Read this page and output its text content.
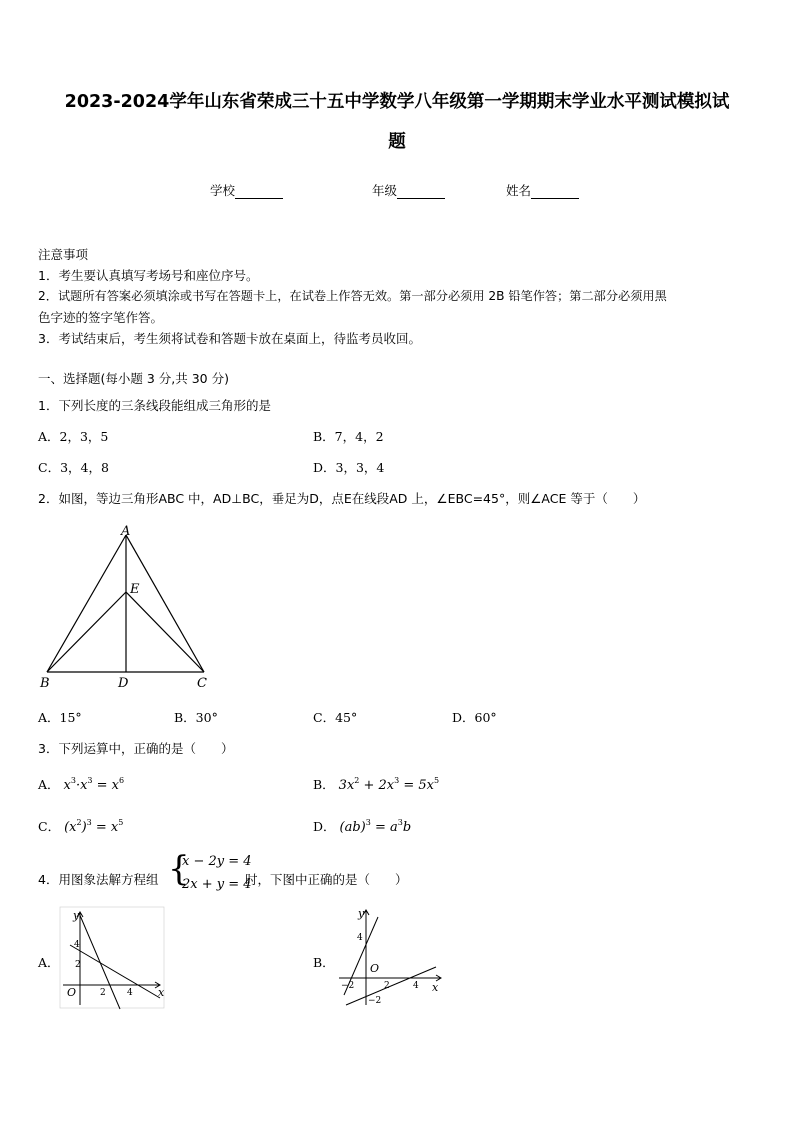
2023-2024学年山东省荣成三十五中学数学八年级第一学期期末学业水平测试模拟试
题
学校	年级	姓名
注意事项
1．考生要认真填写考场号和座位序号。
2．试题所有答案必须填涂或书写在答题卡上，在试卷上作答无效。第一部分必须用 2B 铅笔作答；第二部分必须用黑
色字迹的签字笔作答。
3．考试结束后，考生须将试卷和答题卡放在桌面上，待监考员收回。
一、选择题(每小题 3 分,共 30 分)
1．下列长度的三条线段能组成三角形的是
A．2，3，5	B．7，4，2
C．3，4，8	D．3，3，4
2．如图，等边三角形ABC 中，AD⊥BC，垂足为D，点E在线段AD 上，∠EBC=45°，则∠ACE 等于（　　）
A
E
B	D	C
A．15°	B．30°	C．45°	D．60°
3．下列运算中，正确的是（　　）
A． $x^3\cdot x^3 = x^6$	B． $3x^2 + 2x^3 = 5x^5$
C． $(x^2)^3 = x^5$	D． $(ab)^3 = a^3b$
4．用图象法解方程组 {
x − 2y = 4
2x + y = 4
时，下图中正确的是（　　）
A．
y
x
O
4
2
2 4
B．
y
x
O
4
−2	2	4
−2
